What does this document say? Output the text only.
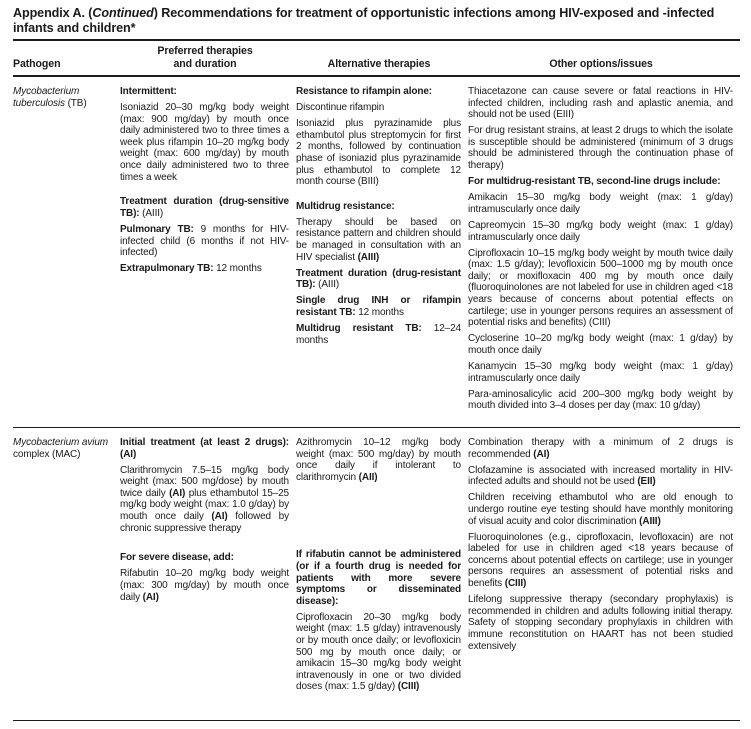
Appendix A. (Continued) Recommendations for treatment of opportunistic infections among HIV-exposed and -infected infants and children*
Pathogen
Preferred therapies
and duration	Alternative therapies	Other options/issues
Mycobacterium tuberculosis (TB)
Intermittent:
Isoniazid 20–30 mg/kg body weight (max: 900 mg/day) by mouth once daily administered two to three times a week plus rifampin 10–20 mg/kg body weight (max: 600 mg/day) by mouth once daily administered two to three times a week
Treatment duration (drug-sensitive TB): (AIII)
Pulmonary TB: 9 months for HIV-infected child (6 months if not HIV-infected)
Extrapulmonary TB: 12 months
Resistance to rifampin alone:
Discontinue rifampin
Isoniazid plus pyrazinamide plus ethambutol plus streptomycin for first 2 months, followed by continuation phase of isoniazid plus pyrazinamide plus ethambutol to complete 12 month course (BIII)
Multidrug resistance:
Therapy should be based on resistance pattern and children should be managed in consultation with an HIV specialist (AIII)
Treatment duration (drug-resistant TB): (AIII)
Single drug INH or rifampin resistant TB: 12 months
Multidrug resistant TB: 12–24 months
Thiacetazone can cause severe or fatal reactions in HIV-infected children, including rash and aplastic anemia, and should not be used (EIII)
For drug resistant strains, at least 2 drugs to which the isolate is susceptible should be administered (minimum of 3 drugs should be administered through the continuation phase of therapy)
For multidrug-resistant TB, second-line drugs include:
Amikacin 15–30 mg/kg body weight (max: 1 g/day) intramuscularly once daily
Capreomycin 15–30 mg/kg body weight (max: 1 g/day) intramuscularly once daily
Ciprofloxacin 10–15 mg/kg body weight by mouth twice daily (max: 1.5 g/day); levofloxicin 500–1000 mg by mouth once daily; or moxifloxacin 400 mg by mouth once daily (fluoroquinolones are not labeled for use in children aged <18 years because of concerns about potential effects on cartilege; use in younger persons requires an assessment of potential risks and benefits) (CIII)
Cycloserine 10–20 mg/kg body weight (max: 1 g/day) by mouth once daily
Kanamycin 15–30 mg/kg body weight (max: 1 g/day) intramuscularly once daily
Para-aminosalicylic acid 200–300 mg/kg body weight by mouth divided into 3–4 doses per day (max: 10 g/day)
Mycobacterium avium complex (MAC)
Initial treatment (at least 2 drugs): (AI)
Clarithromycin 7.5–15 mg/kg body weight (max: 500 mg/dose) by mouth twice daily (AI) plus ethambutol 15–25 mg/kg body weight (max: 1.0 g/day) by mouth once daily (AI) followed by chronic suppressive therapy
For severe disease, add:
Rifabutin 10–20 mg/kg body weight (max: 300 mg/day) by mouth once daily (AI)
Azithromycin 10–12 mg/kg body weight (max: 500 mg/day) by mouth once daily if intolerant to clarithromycin (AII)
If rifabutin cannot be administered (or if a fourth drug is needed for patients with more severe symptoms or disseminated disease):
Ciprofloxacin 20–30 mg/kg body weight (max: 1.5 g/day) intravenously or by mouth once daily; or levofloxicin 500 mg by mouth once daily; or amikacin 15–30 mg/kg body weight intravenously in one or two divided doses (max: 1.5 g/day) (CIII)
Combination therapy with a minimum of 2 drugs is recommended (AI)
Clofazamine is associated with increased mortality in HIV-infected adults and should not be used (EII)
Children receiving ethambutol who are old enough to undergo routine eye testing should have monthly monitoring of visual acuity and color discrimination (AIII)
Fluoroquinolones (e.g., ciprofloxacin, levofloxacin) are not labeled for use in children aged <18 years because of concerns about potential effects on cartilege; use in younger persons requires an assessment of potential risks and benefits (CIII)
Lifelong suppressive therapy (secondary prophylaxis) is recommended in children and adults following initial therapy. Safety of stopping secondary prophylaxis in children with immune reconstitution on HAART has not been studied extensively
